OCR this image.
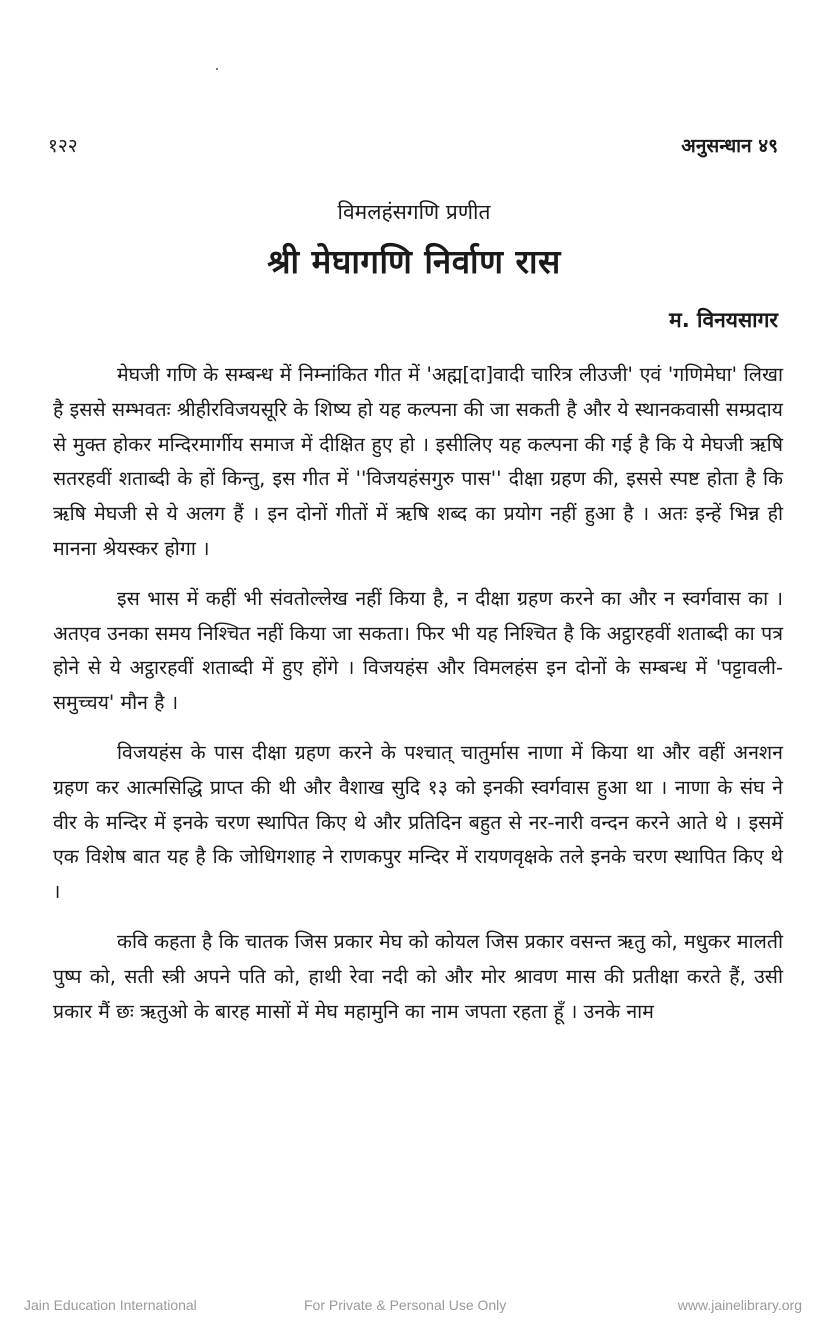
१२२	अनुसन्धान ४९
विमलहंसगणि प्रणीत
श्री मेघागणि निर्वाण रास
म. विनयसागर

मेघजी गणि के सम्बन्ध में निम्नांकित गीत में 'अह्म[दा]वादी चारित्र लीउजी' एवं 'गणिमेघा' लिखा है इससे सम्भवतः श्रीहीरविजयसूरि के शिष्य हो यह कल्पना की जा सकती है और ये स्थानकवासी सम्प्रदाय से मुक्त होकर मन्दिरमार्गीय समाज में दीक्षित हुए हो । इसीलिए यह कल्पना की गई है कि ये मेघजी ऋषि सतरहवीं शताब्दी के हों किन्तु, इस गीत में ''विजयहंसगुरु पास'' दीक्षा ग्रहण की, इससे स्पष्ट होता है कि ऋषि मेघजी से ये अलग हैं । इन दोनों गीतों में ऋषि शब्द का प्रयोग नहीं हुआ है । अतः इन्हें भिन्न ही मानना श्रेयस्कर होगा ।

इस भास में कहीं भी संवतोल्लेख नहीं किया है, न दीक्षा ग्रहण करने का और न स्वर्गवास का । अतएव उनका समय निश्चित नहीं किया जा सकता। फिर भी यह निश्चित है कि अट्ठारहवीं शताब्दी का पत्र होने से ये अट्ठारहवीं शताब्दी में हुए होंगे । विजयहंस और विमलहंस इन दोनों के सम्बन्ध में 'पट्टावली-समुच्चय' मौन है ।

विजयहंस के पास दीक्षा ग्रहण करने के पश्चात् चातुर्मास नाणा में किया था और वहीं अनशन ग्रहण कर आत्मसिद्धि प्राप्त की थी और वैशाख सुदि १३ को इनकी स्वर्गवास हुआ था । नाणा के संघ ने वीर के मन्दिर में इनके चरण स्थापित किए थे और प्रतिदिन बहुत से नर-नारी वन्दन करने आते थे । इसमें एक विशेष बात यह है कि जोधिगशाह ने राणकपुर मन्दिर में रायणवृक्षके तले इनके चरण स्थापित किए थे ।

कवि कहता है कि चातक जिस प्रकार मेघ को कोयल जिस प्रकार वसन्त ऋतु को, मधुकर मालती पुष्प को, सती स्त्री अपने पति को, हाथी रेवा नदी को और मोर श्रावण मास की प्रतीक्षा करते हैं, उसी प्रकार मैं छः ऋतुओ के बारह मासों में मेघ महामुनि का नाम जपता रहता हूँ । उनके नाम

Jain Education International	For Private & Personal Use Only	www.jainelibrary.org
